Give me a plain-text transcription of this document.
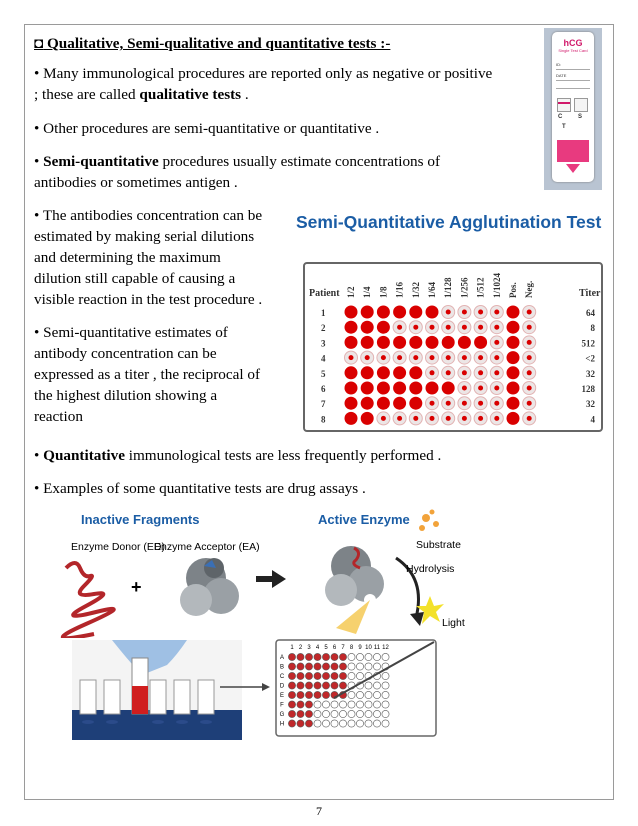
◘ Qualitative, Semi-qualitative and quantitative tests :-
• Many immunological procedures are reported only as negative or positive
; these are called qualitative tests .
• Other procedures are semi-quantitative or quantitative .
• Semi-quantitative procedures usually estimate concentrations of
antibodies or sometimes antigen .
• The antibodies concentration can be
estimated by making serial dilutions
and determining the maximum
dilution still capable of causing a
visible reaction in the test procedure .
• Semi-quantitative estimates of
antibody concentration can be
expressed as a titer , the reciprocal of
the highest dilution showing a
reaction
• Quantitative immunological tests are less frequently performed .
• Examples of some quantitative tests are drug assays .
hCG
Single Test Card
ID:
DATE
C
T
S
Semi-Quantitative Agglutination Test
Patient	Titer
1/2 1/4 1/8 1/16 1/32 1/64 1/128 1/256 1/512 1/1024 Pos. Neg.
1	64
2	8
3	512
4	<2
5	32
6	128
7	32
8	4
Inactive Fragments
Enzyme Donor (ED)
Enzyme Acceptor (EA)
+
Active Enzyme
Substrate
Hydrolysis
Light
1 2 3 4 5 6 7 8 9 10 11 12
A
B
C
D
E
F
G
H
7
